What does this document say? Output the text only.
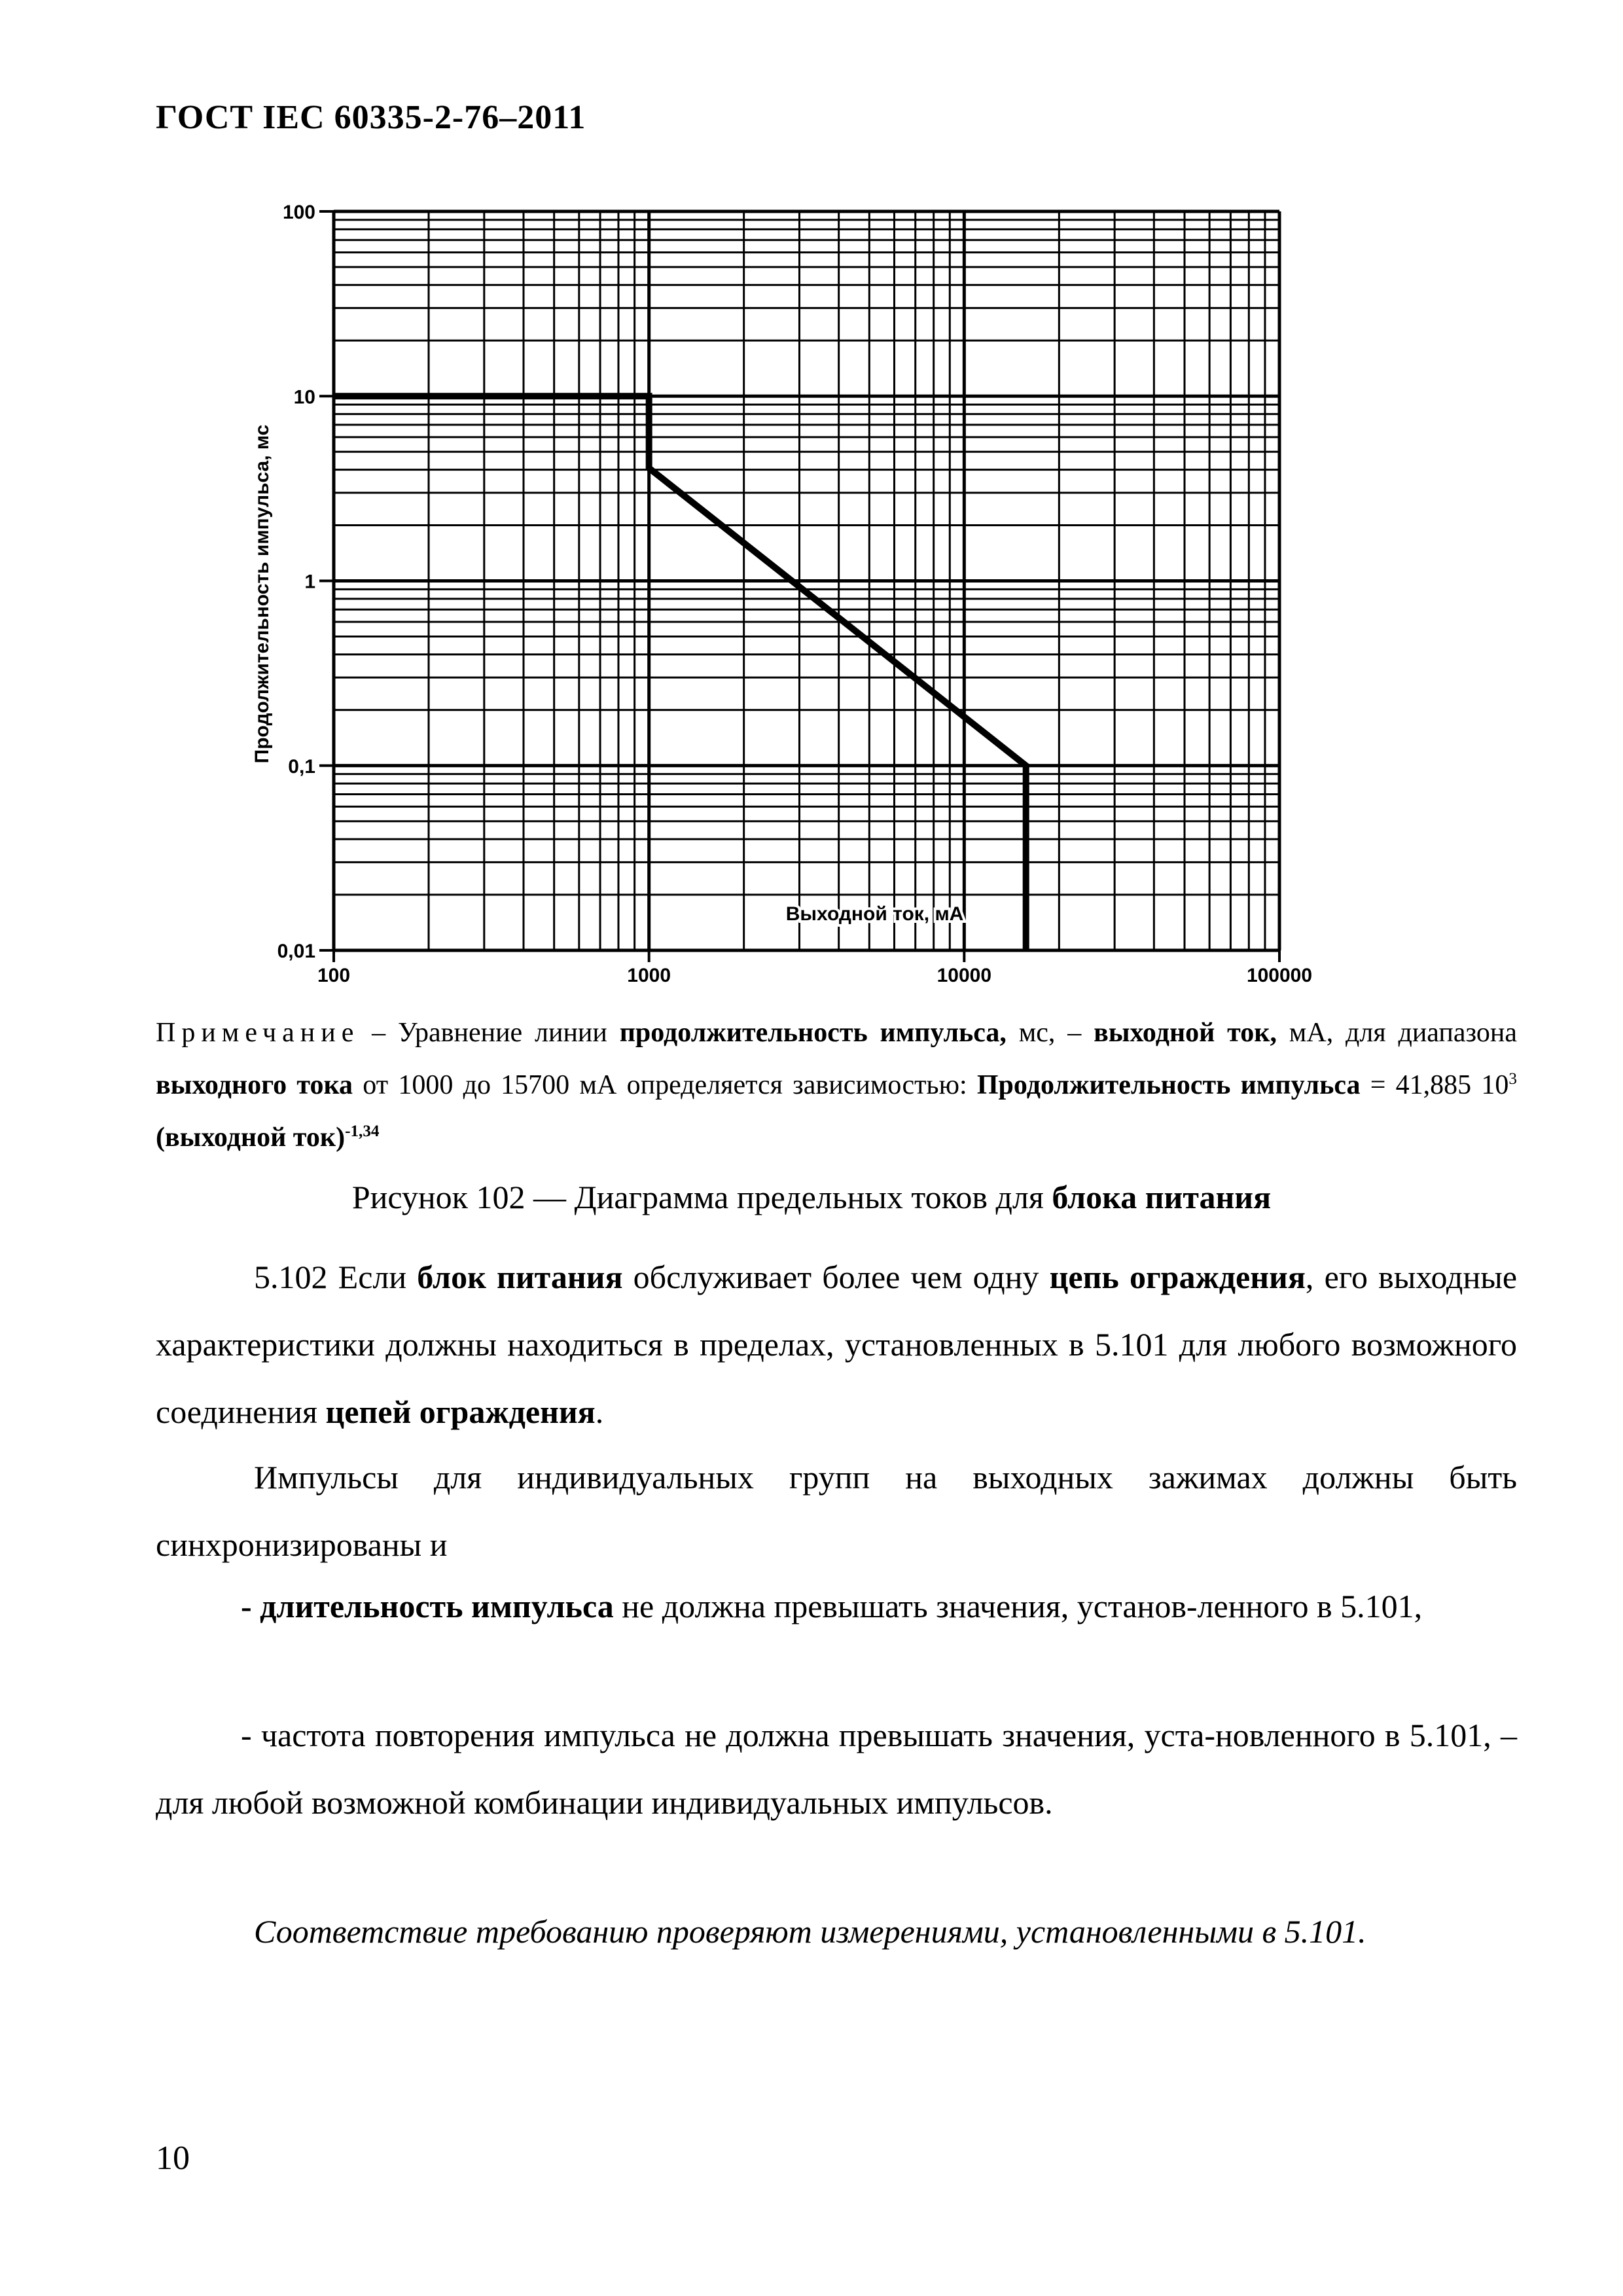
ГОСТ IEC 60335-2-76–2011
0,01
0,1
1
10
100
100	1000	10000	100000
Продолжительность импульса, мс
Выходной ток, мА
Примечание – Уравнение линии продолжительность импульса, мс, – выходной ток, мА, для диапазона выходного тока от 1000 до 15700 мА определяется зависимостью: Продолжительность импульса = 41,885 $10^3$ (выходной ток)$^{-1,34}$
Рисунок 102 — Диаграмма предельных токов для блока питания
5.102 Если блок питания обслуживает более чем одну цепь ограждения, его выходные характеристики должны находиться в пределах, установленных в 5.101 для любого возможного соединения цепей ограждения.
Импульсы для индивидуальных групп на выходных зажимах должны быть синхронизированы и
- длительность импульса не должна превышать значения, установ-ленного в 5.101,
- частота повторения импульса не должна превышать значения, уста-новленного в 5.101, – для любой возможной комбинации индивидуальных импульсов.
Соответствие требованию проверяют измерениями, установленными в 5.101.
10
